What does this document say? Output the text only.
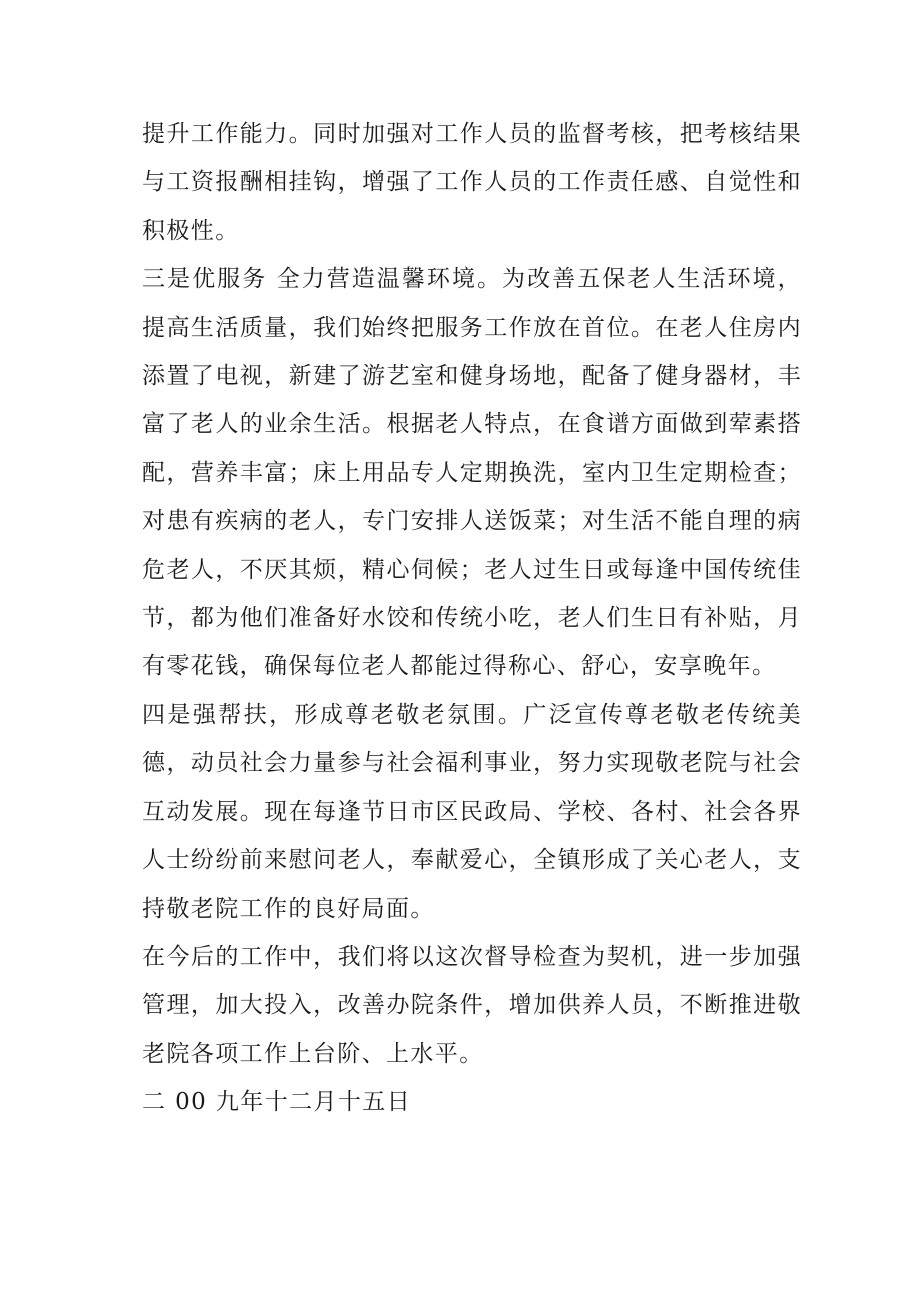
提升工作能力。同时加强对工作人员的监督考核，把考核结果与工资报酬相挂钩，增强了工作人员的工作责任感、自觉性和积极性。

三是优服务 全力营造温馨环境。为改善五保老人生活环境，提高生活质量，我们始终把服务工作放在首位。在老人住房内添置了电视，新建了游艺室和健身场地，配备了健身器材，丰富了老人的业余生活。根据老人特点，在食谱方面做到荤素搭配，营养丰富；床上用品专人定期换洗，室内卫生定期检查；对患有疾病的老人，专门安排人送饭菜；对生活不能自理的病危老人，不厌其烦，精心伺候；老人过生日或每逢中国传统佳节，都为他们准备好水饺和传统小吃，老人们生日有补贴，月有零花钱，确保每位老人都能过得称心、舒心，安享晚年。

四是强帮扶，形成尊老敬老氛围。广泛宣传尊老敬老传统美德，动员社会力量参与社会福利事业，努力实现敬老院与社会互动发展。现在每逢节日市区民政局、学校、各村、社会各界人士纷纷前来慰问老人，奉献爱心，全镇形成了关心老人，支持敬老院工作的良好局面。

在今后的工作中，我们将以这次督导检查为契机，进一步加强管理，加大投入，改善办院条件，增加供养人员，不断推进敬老院各项工作上台阶、上水平。

二 00 九年十二月十五日
